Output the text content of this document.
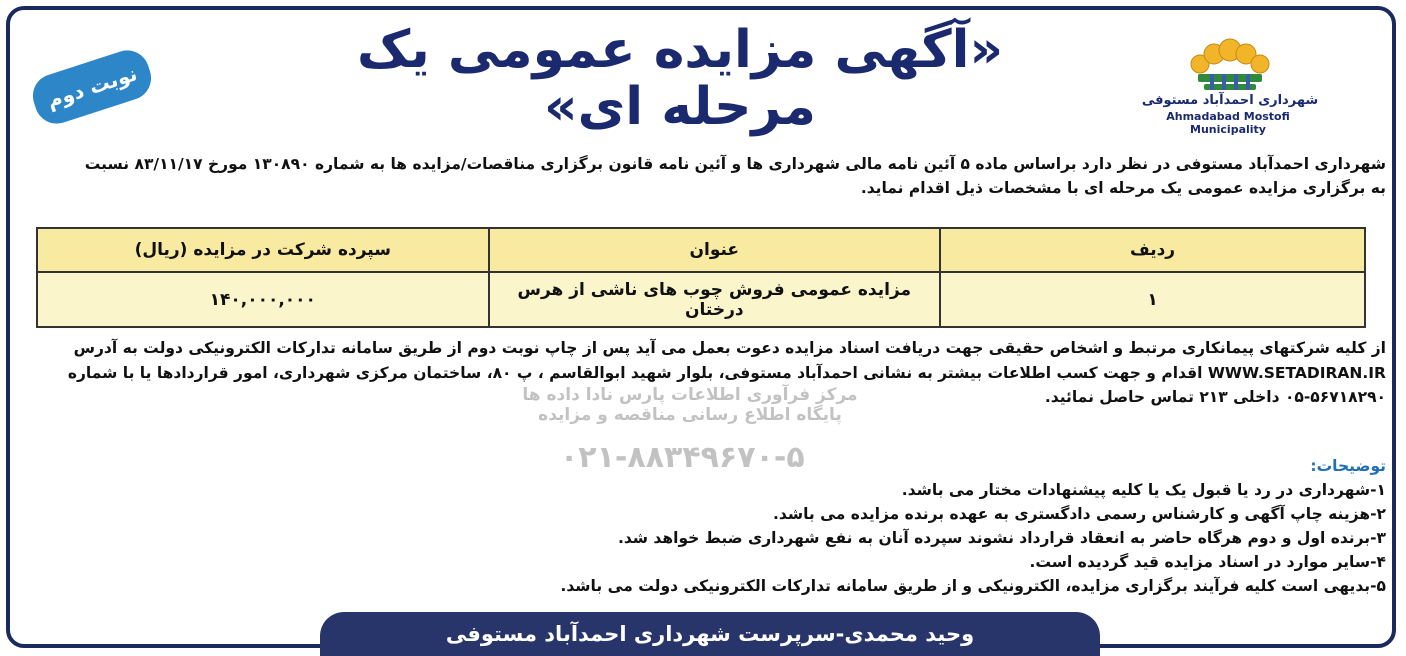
«آگهی مزایده عمومی یک مرحله ای»
نوبت دوم	شهرداری احمدآباد مستوفی
Ahmadabad Mostofi Municipality
شهرداری احمدآباد مستوفی در نظر دارد براساس ماده ۵ آئین نامه مالی شهرداری ها و آئین نامه قانون برگزاری مناقصات/مزایده ها به شماره ۱۳۰۸۹۰ مورخ ۸۳/۱۱/۱۷ نسبت
به برگزاری مزایده عمومی یک مرحله ای با مشخصات ذیل اقدام نماید.
ردیف	عنوان	سپرده شرکت در مزایده (ریال)
۱	مزایده عمومی فروش چوب های ناشی از هرس درختان	۱۴۰,۰۰۰,۰۰۰
از کلیه شرکتهای پیمانکاری مرتبط و اشخاص حقیقی جهت دریافت اسناد مزایده دعوت بعمل می آید پس از چاپ نوبت دوم از طریق سامانه تدارکات الکترونیکی دولت به آدرس
WWW.SETADIRAN.IR اقدام و جهت کسب اطلاعات بیشتر به نشانی احمدآباد مستوفی، بلوار شهید ابوالقاسم ، پ ۸۰، ساختمان مرکزی شهرداری، امور قراردادها یا با شماره
۰۵-۵۶۷۱۸۲۹۰ داخلی ۲۱۳ تماس حاصل نمائید.
مرکز فرآوری اطلاعات پارس نادا داده ها
پایگاه اطلاع رسانی مناقصه و مزایده
۰۲۱-۸۸۳۴۹۶۷۰-۵	توضیحات:
۱-شهرداری در رد یا قبول یک یا کلیه پیشنهادات مختار می باشد.
۲-هزینه چاپ آگهی و کارشناس رسمی دادگستری به عهده برنده مزایده می باشد.
۳-برنده اول و دوم هرگاه حاضر به انعقاد قرارداد نشوند سپرده آنان به نفع شهرداری ضبط خواهد شد.
۴-سایر موارد در اسناد مزایده قید گردیده است.
۵-بدیهی است کلیه فرآیند برگزاری مزایده، الکترونیکی و از طریق سامانه تدارکات الکترونیکی دولت می باشد.
وحید محمدی-سرپرست شهرداری احمدآباد مستوفی
